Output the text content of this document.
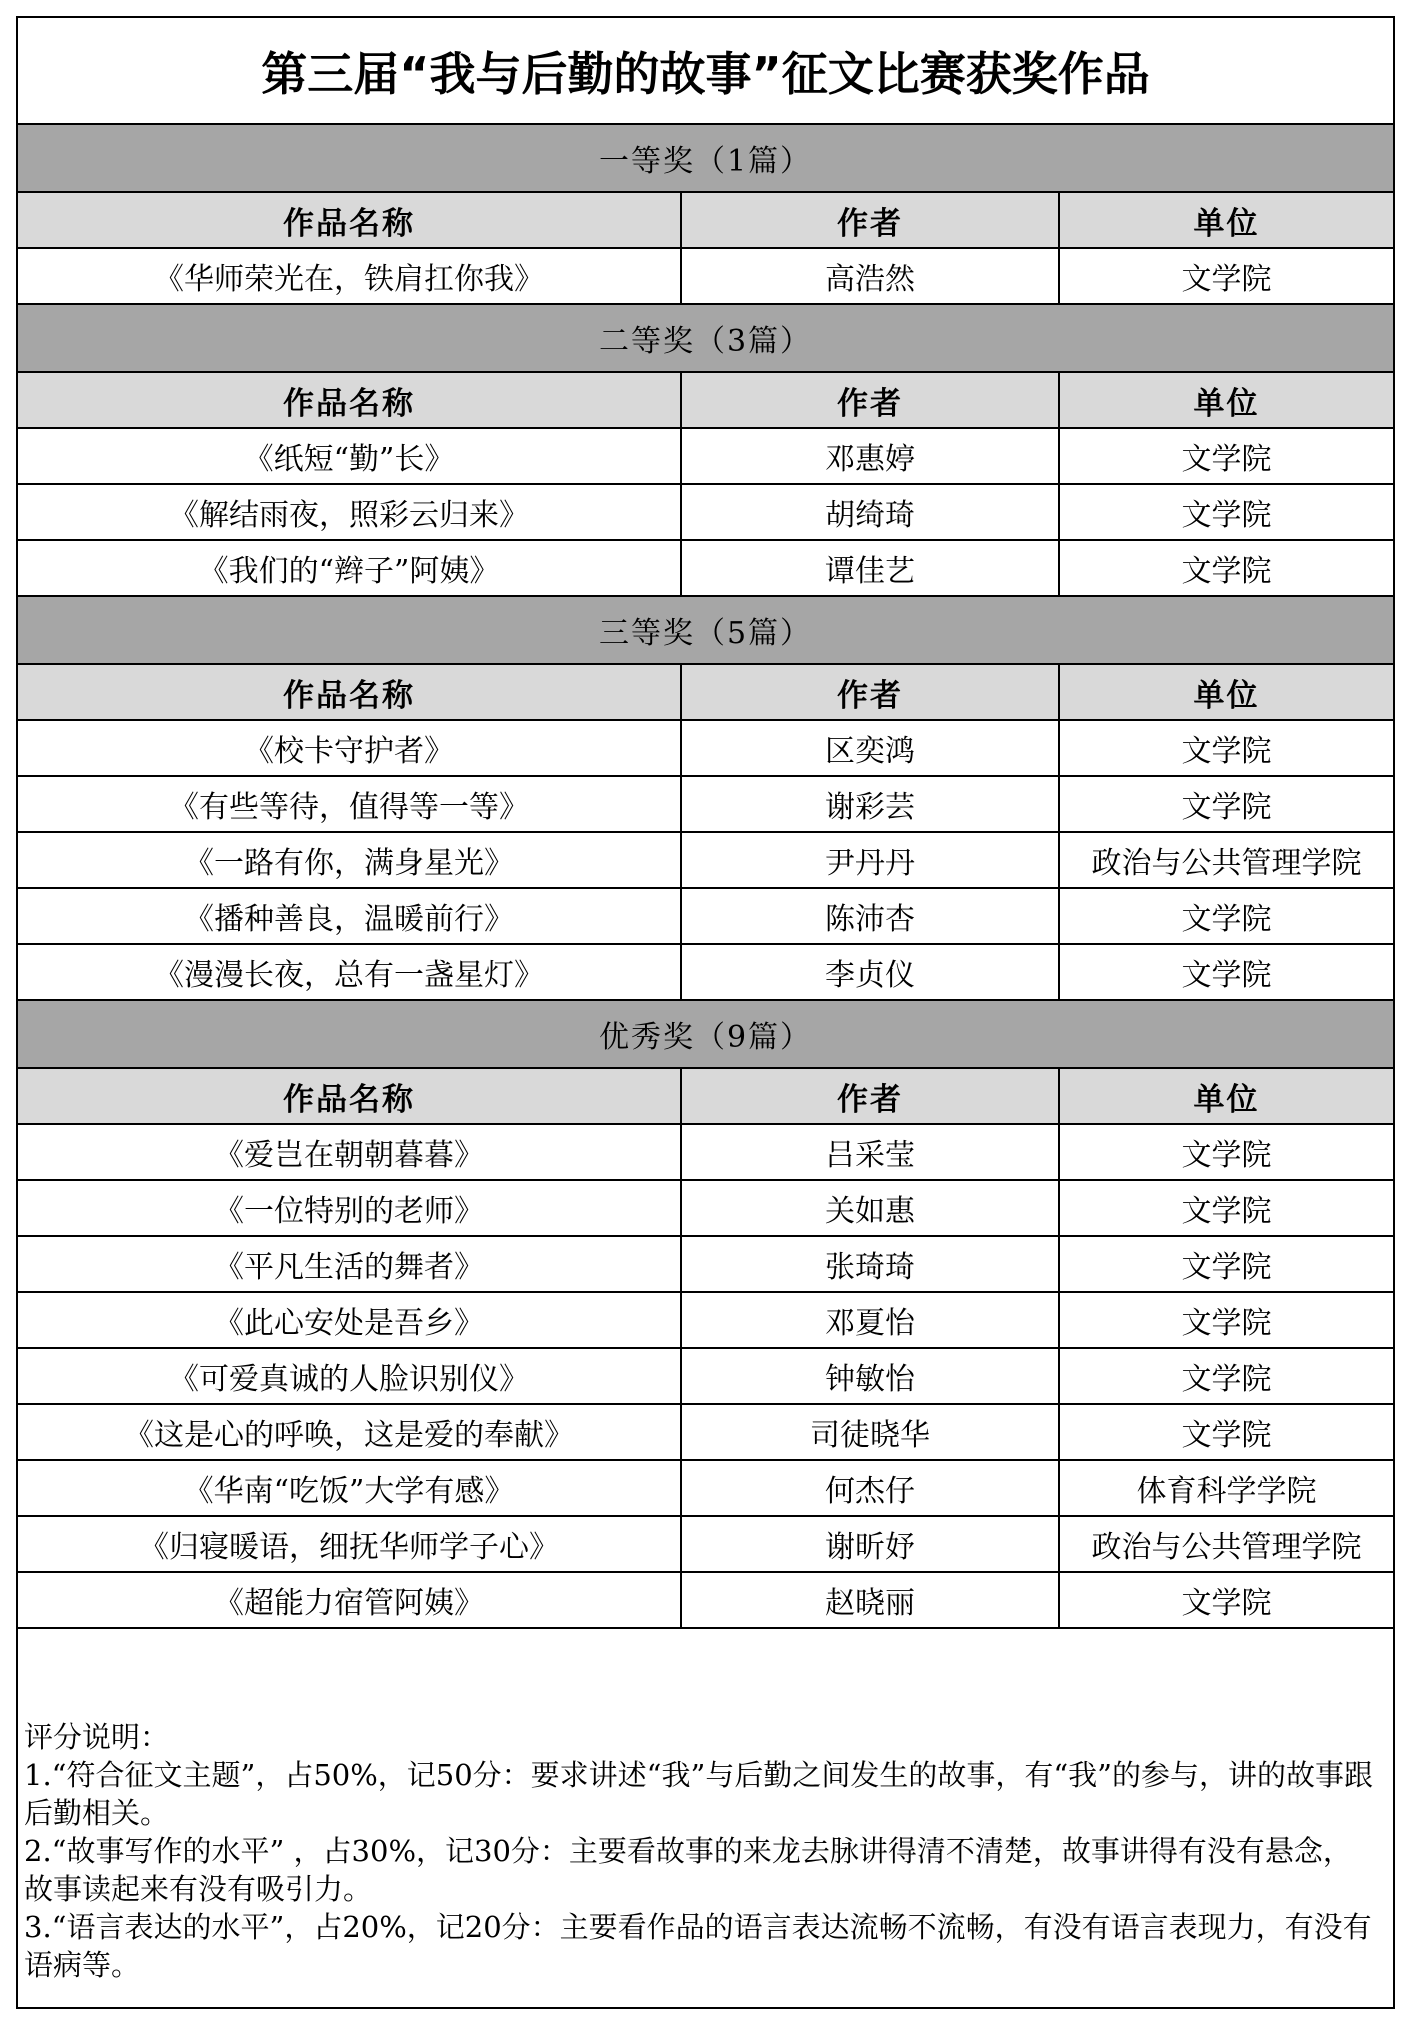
第三届“我与后勤的故事”征文比赛获奖作品		
一等奖（1篇）		
作品名称	作者	单位
《华师荣光在，铁肩扛你我》	高浩然	文学院
二等奖（3篇）		
作品名称	作者	单位
《纸短“勤”长》	邓惠婷	文学院
《解结雨夜，照彩云归来》	胡绮琦	文学院
《我们的“辫子”阿姨》	谭佳艺	文学院
三等奖（5篇）		
作品名称	作者	单位
《校卡守护者》	区奕鸿	文学院
《有些等待，值得等一等》	谢彩芸	文学院
《一路有你，满身星光》	尹丹丹	政治与公共管理学院
《播种善良，温暖前行》	陈沛杏	文学院
《漫漫长夜，总有一盏星灯》	李贞仪	文学院
优秀奖（9篇）		
作品名称	作者	单位
《爱岂在朝朝暮暮》	吕采莹	文学院
《一位特别的老师》	关如惠	文学院
《平凡生活的舞者》	张琦琦	文学院
《此心安处是吾乡》	邓夏怡	文学院
《可爱真诚的人脸识别仪》	钟敏怡	文学院
《这是心的呼唤，这是爱的奉献》	司徒晓华	文学院
《华南“吃饭”大学有感》	何杰仔	体育科学学院
《归寝暖语，细抚华师学子心》	谢昕妤	政治与公共管理学院
《超能力宿管阿姨》	赵晓丽	文学院

评分说明：

1.“符合征文主题”，占50%，记50分：要求讲述“我”与后勤之间发生的故事，有“我”的参与，讲的故事跟后勤相关。

2.“故事写作的水平” ，占30%，记30分：主要看故事的来龙去脉讲得清不清楚，故事讲得有没有悬念，故事读起来有没有吸引力。

3.“语言表达的水平”，占20%，记20分：主要看作品的语言表达流畅不流畅，有没有语言表现力，有没有语病等。
